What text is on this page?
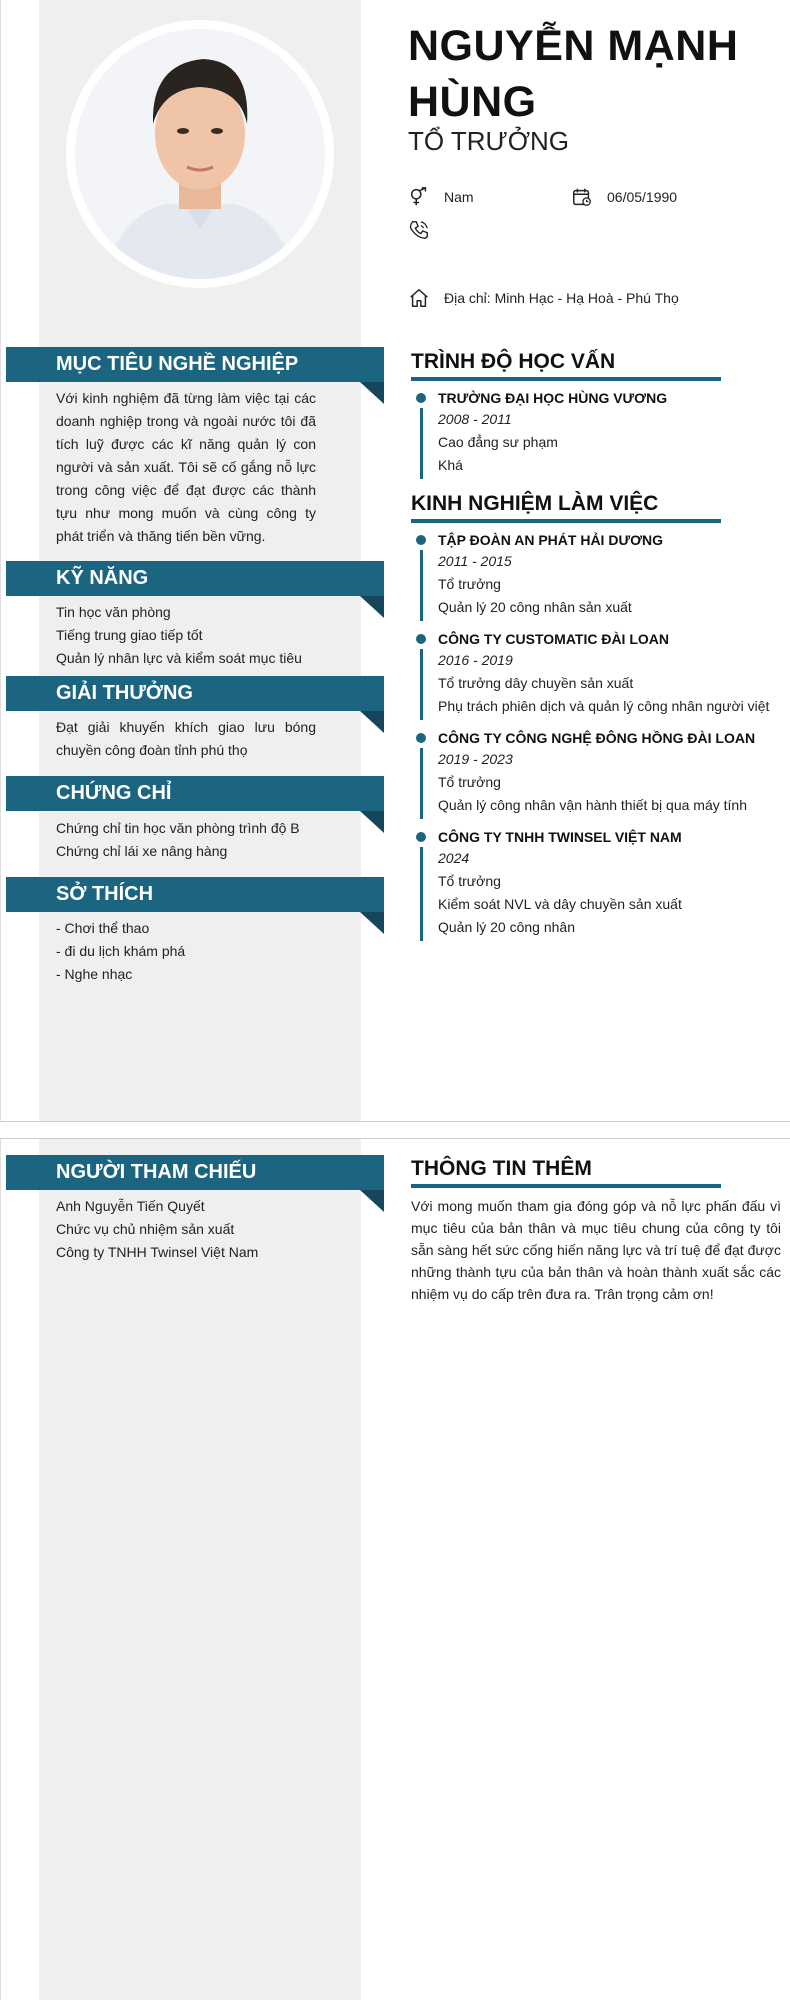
NGUYỄN MẠNH HÙNG
TỔ TRƯỞNG
Nam	06/05/1990
Địa chỉ: Minh Hạc - Hạ Hoà - Phú Thọ
MỤC TIÊU NGHỀ NGHIỆP
Với kinh nghiệm đã từng làm việc tại các doanh nghiệp trong và ngoài nước tôi đã tích luỹ được các kĩ năng quản lý con người và sản xuất. Tôi sẽ cố gắng nỗ lực trong công việc để đạt được các thành tựu như mong muốn và cùng công ty phát triển và thăng tiến bền vững.
KỸ NĂNG
Tin học văn phòng
Tiếng trung giao tiếp tốt
Quản lý nhân lực và kiểm soát mục tiêu
GIẢI THƯỞNG
Đạt giải khuyến khích giao lưu bóng chuyền công đoàn tỉnh phú thọ
CHỨNG CHỈ
Chứng chỉ tin học văn phòng trình độ B
Chứng chỉ lái xe nâng hàng
SỞ THÍCH
- Chơi thể thao
- đi du lịch khám phá
- Nghe nhạc
TRÌNH ĐỘ HỌC VẤN
TRƯỜNG ĐẠI HỌC HÙNG VƯƠNG
2008 - 2011
Cao đẳng sư phạm
Khá
KINH NGHIỆM LÀM VIỆC
TẬP ĐOÀN AN PHÁT HẢI DƯƠNG
2011 - 2015
Tổ trưởng
Quản lý 20 công nhân sản xuất
CÔNG TY CUSTOMATIC ĐÀI LOAN
2016 - 2019
Tổ trưởng dây chuyền sản xuất
Phụ trách phiên dịch và quản lý công nhân người việt
CÔNG TY CÔNG NGHỆ ĐÔNG HỒNG ĐÀI LOAN
2019 - 2023
Tổ trưởng
Quản lý công nhân vận hành thiết bị qua máy tính
CÔNG TY TNHH TWINSEL VIỆT NAM
2024
Tổ trưởng
Kiểm soát NVL và dây chuyền sản xuất
Quản lý 20 công nhân
NGƯỜI THAM CHIẾU
Anh Nguyễn Tiến Quyết
Chức vụ chủ nhiệm sản xuất
Công ty TNHH Twinsel Việt Nam
THÔNG TIN THÊM
Với mong muốn tham gia đóng góp và nỗ lực phấn đấu vì mục tiêu của bản thân và mục tiêu chung của công ty tôi sẵn sàng hết sức cống hiến năng lực và trí tuệ để đạt được những thành tựu của bản thân và hoàn thành xuất sắc các nhiệm vụ do cấp trên đưa ra. Trân trọng cảm ơn!
